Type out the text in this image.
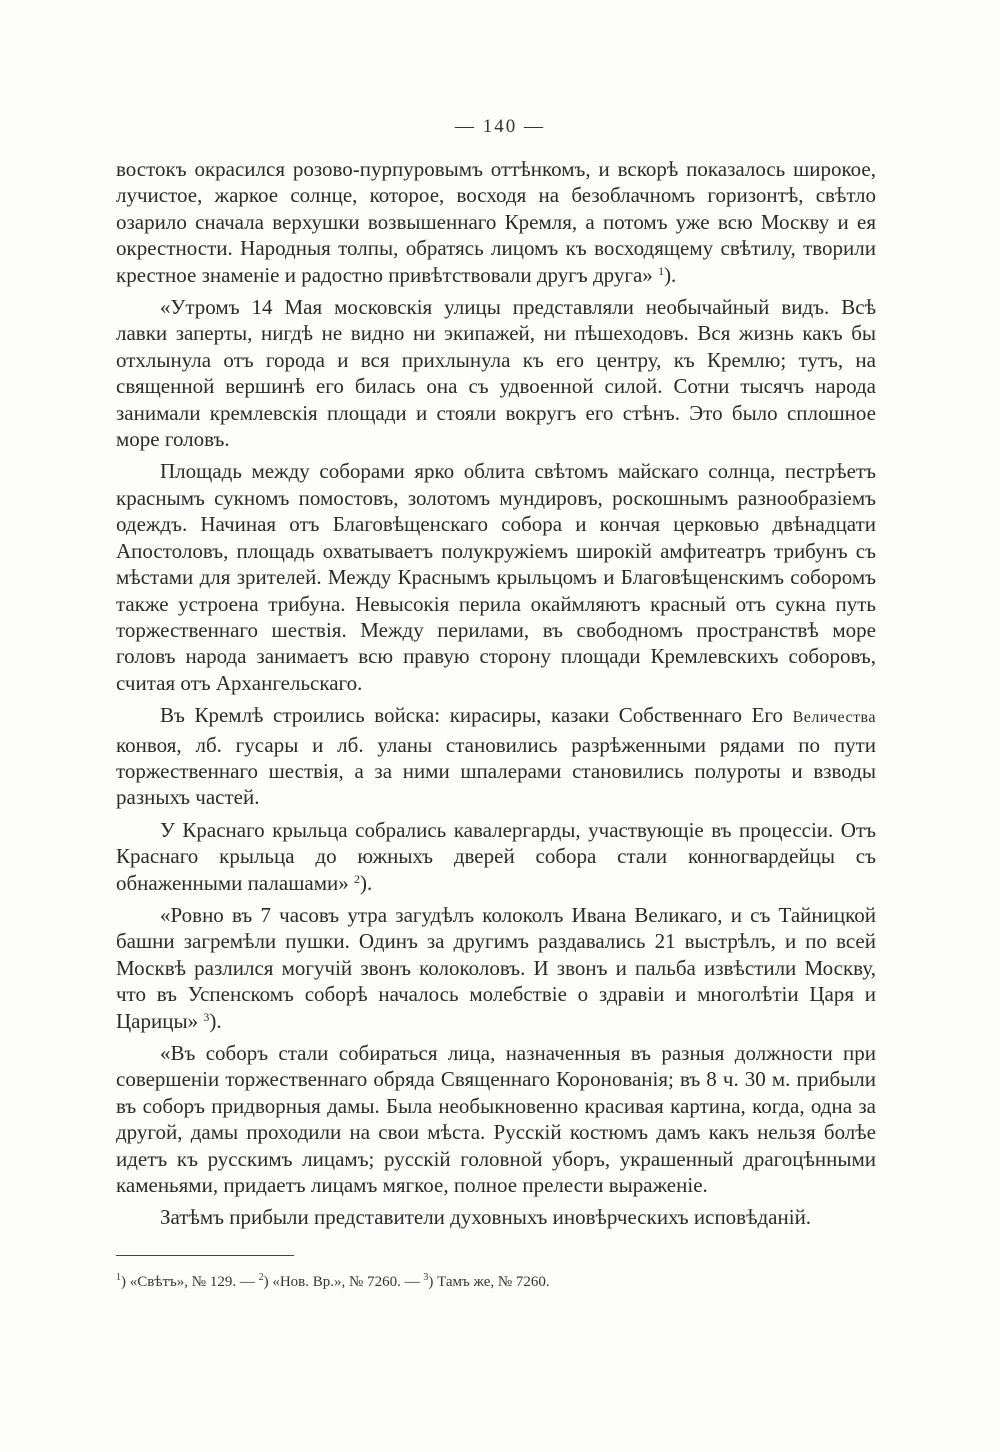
— 140 —

востокъ окрасился розово-пурпуровымъ оттѣнкомъ, и вскорѣ показалось широкое, лучистое, жаркое солнце, которое, восходя на безоблачномъ горизонтѣ, свѣтло озарило сначала верхушки возвышеннаго Кремля, а потомъ уже всю Москву и ея окрестности. Народныя толпы, обратясь лицомъ къ восходящему свѣтилу, творили крестное знаменіе и радостно привѣтствовали другъ друга» $^1$).

«Утромъ 14 Мая московскія улицы представляли необычайный видъ. Всѣ лавки заперты, нигдѣ не видно ни экипажей, ни пѣшеходовъ. Вся жизнь какъ бы отхлынула отъ города и вся прихлынула къ его центру, къ Кремлю; тутъ, на священной вершинѣ его билась она съ удвоенной силой. Сотни тысячъ народа занимали кремлевскія площади и стояли вокругъ его стѣнъ. Это было сплошное море головъ.

Площадь между соборами ярко облита свѣтомъ майскаго солнца, пестрѣетъ краснымъ сукномъ помостовъ, золотомъ мундировъ, роскошнымъ разнообразіемъ одеждъ. Начиная отъ Благовѣщенскаго собора и кончая церковью двѣнадцати Апостоловъ, площадь охватываетъ полукружіемъ широкій амфитеатръ трибунъ съ мѣстами для зрителей. Между Краснымъ крыльцомъ и Благовѣщенскимъ соборомъ также устроена трибуна. Невысокія перила окаймляютъ красный отъ сукна путь торжественнаго шествія. Между перилами, въ свободномъ пространствѣ море головъ народа занимаетъ всю правую сторону площади Кремлевскихъ соборовъ, считая отъ Архангельскаго.

Въ Кремлѣ строились войска: кирасиры, казаки Собственнаго Его Величества конвоя, лб. гусары и лб. уланы становились разрѣженными рядами по пути торжественнаго шествія, а за ними шпалерами становились полуроты и взводы разныхъ частей.

У Краснаго крыльца собрались кавалергарды, участвующіе въ процессіи. Отъ Краснаго крыльца до южныхъ дверей собора стали конногвардейцы съ обнаженными палашами» $^2$).

«Ровно въ 7 часовъ утра загудѣлъ колоколъ Ивана Великаго, и съ Тайницкой башни загремѣли пушки. Одинъ за другимъ раздавались 21 выстрѣлъ, и по всей Москвѣ разлился могучій звонъ колоколовъ. И звонъ и пальба извѣстили Москву, что въ Успенскомъ соборѣ началось молебствіе о здравіи и многолѣтіи Царя и Царицы» $^3$).

«Въ соборъ стали собираться лица, назначенныя въ разныя должности при совершеніи торжественнаго обряда Священнаго Коронованія; въ 8 ч. 30 м. прибыли въ соборъ придворныя дамы. Была необыкновенно красивая картина, когда, одна за другой, дамы проходили на свои мѣста. Русскій костюмъ дамъ какъ нельзя болѣе идетъ къ русскимъ лицамъ; русскій головной уборъ, украшенный драгоцѣнными каменьями, придаетъ лицамъ мягкое, полное прелести выраженіе.

Затѣмъ прибыли представители духовныхъ иновѣрческихъ исповѣданій.

$^1$) «Свѣтъ», № 129. — $^2$) «Нов. Вр.», № 7260. — $^3$) Тамъ же, № 7260.
